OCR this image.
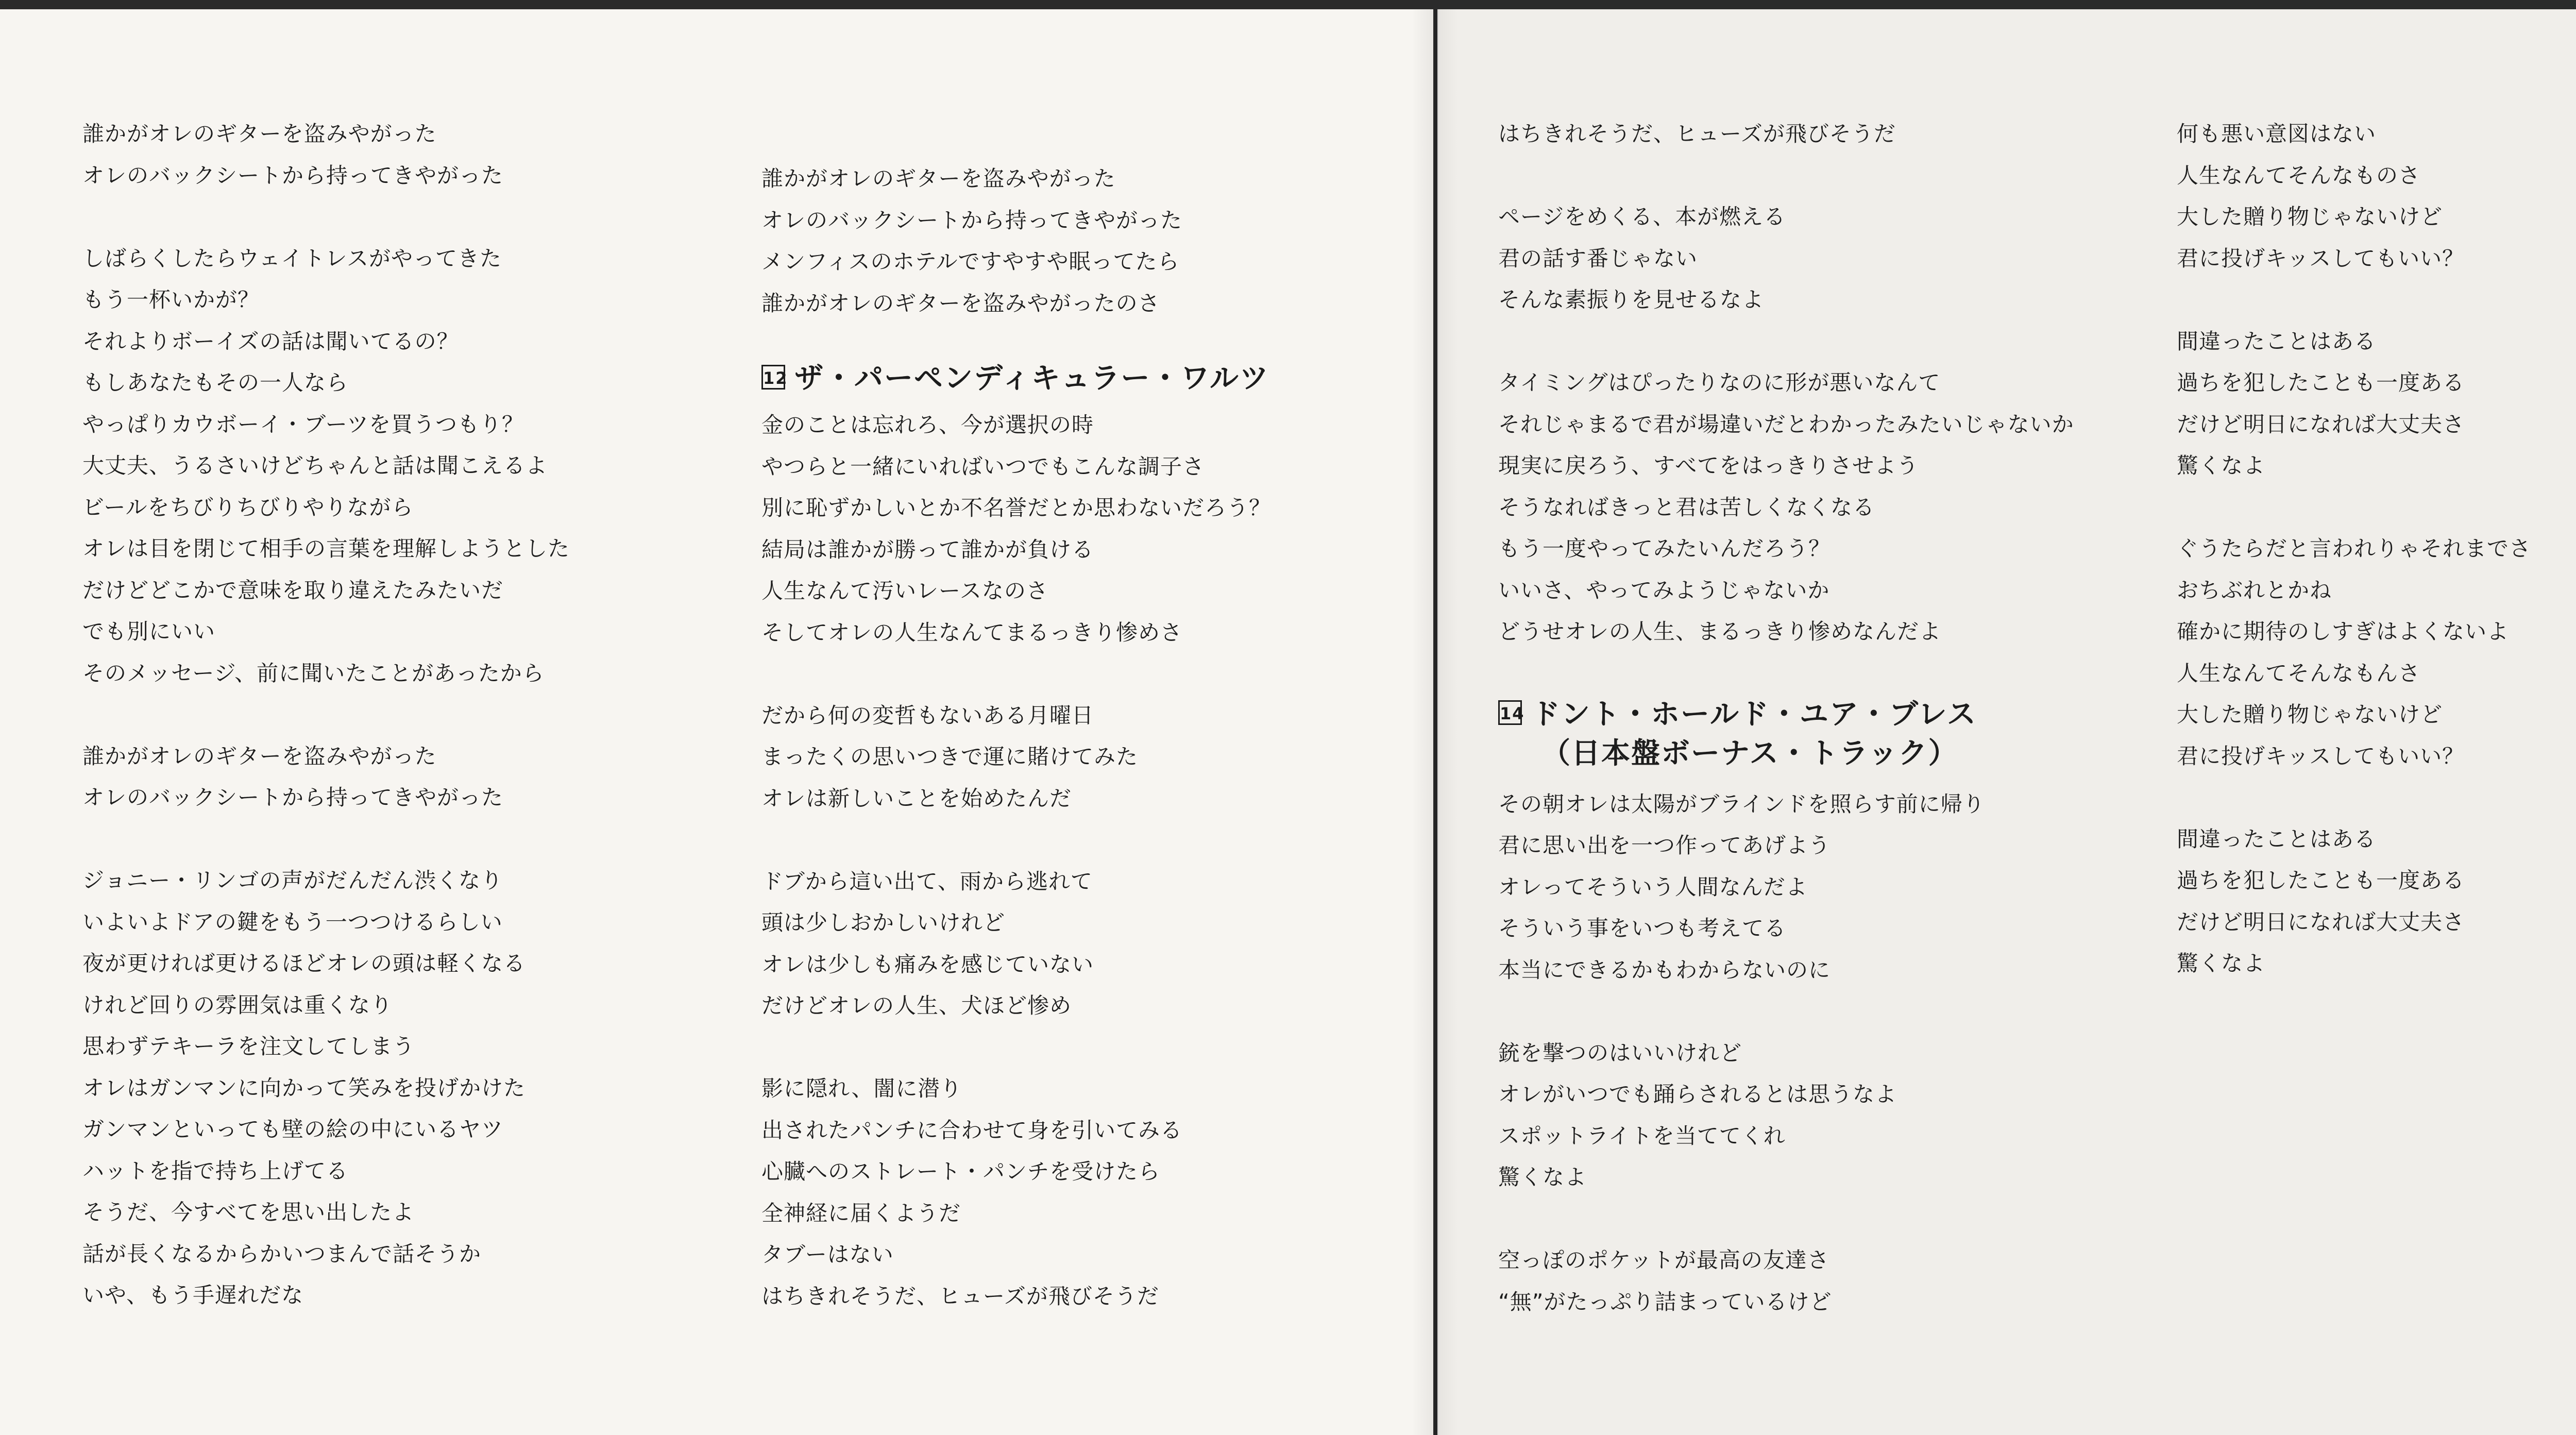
誰かがオレのギターを盗みやがった
オレのバックシートから持ってきやがった
しばらくしたらウェイトレスがやってきた
もう一杯いかが？
それよりボーイズの話は聞いてるの？
もしあなたもその一人なら
やっぱりカウボーイ・ブーツを買うつもり？
大丈夫、うるさいけどちゃんと話は聞こえるよ
ビールをちびりちびりやりながら
オレは目を閉じて相手の言葉を理解しようとした
だけどどこかで意味を取り違えたみたいだ
でも別にいい
そのメッセージ、前に聞いたことがあったから
誰かがオレのギターを盗みやがった
オレのバックシートから持ってきやがった
ジョニー・リンゴの声がだんだん渋くなり
いよいよドアの鍵をもう一つつけるらしい
夜が更ければ更けるほどオレの頭は軽くなる
けれど回りの雰囲気は重くなり
思わずテキーラを注文してしまう
オレはガンマンに向かって笑みを投げかけた
ガンマンといっても壁の絵の中にいるヤツ
ハットを指で持ち上げてる
そうだ、今すべてを思い出したよ
話が長くなるからかいつまんで話そうか
いや、もう手遅れだな
誰かがオレのギターを盗みやがった
オレのバックシートから持ってきやがった
メンフィスのホテルですやすや眠ってたら
誰かがオレのギターを盗みやがったのさ
12 ザ・パーペンディキュラー・ワルツ
金のことは忘れろ、今が選択の時
やつらと一緒にいればいつでもこんな調子さ
別に恥ずかしいとか不名誉だとか思わないだろう？
結局は誰かが勝って誰かが負ける
人生なんて汚いレースなのさ
そしてオレの人生なんてまるっきり惨めさ
だから何の変哲もないある月曜日
まったくの思いつきで運に賭けてみた
オレは新しいことを始めたんだ
ドブから這い出て、雨から逃れて
頭は少しおかしいけれど
オレは少しも痛みを感じていない
だけどオレの人生、犬ほど惨め
影に隠れ、闇に潜り
出されたパンチに合わせて身を引いてみる
心臓へのストレート・パンチを受けたら
全神経に届くようだ
タブーはない
はちきれそうだ、ヒューズが飛びそうだ
はちきれそうだ、ヒューズが飛びそうだ
ページをめくる、本が燃える
君の話す番じゃない
そんな素振りを見せるなよ
タイミングはぴったりなのに形が悪いなんて
それじゃまるで君が場違いだとわかったみたいじゃないか
現実に戻ろう、すべてをはっきりさせよう
そうなればきっと君は苦しくなくなる
もう一度やってみたいんだろう？
いいさ、やってみようじゃないか
どうせオレの人生、まるっきり惨めなんだよ
14 ドント・ホールド・ユア・ブレス
（日本盤ボーナス・トラック）
その朝オレは太陽がブラインドを照らす前に帰り
君に思い出を一つ作ってあげよう
オレってそういう人間なんだよ
そういう事をいつも考えてる
本当にできるかもわからないのに
銃を撃つのはいいけれど
オレがいつでも踊らされるとは思うなよ
スポットライトを当ててくれ
驚くなよ
空っぽのポケットが最高の友達さ
“無”がたっぷり詰まっているけど
何も悪い意図はない
人生なんてそんなものさ
大した贈り物じゃないけど
君に投げキッスしてもいい？
間違ったことはある
過ちを犯したことも一度ある
だけど明日になれば大丈夫さ
驚くなよ
ぐうたらだと言われりゃそれまでさ
おちぶれとかね
確かに期待のしすぎはよくないよ
人生なんてそんなもんさ
大した贈り物じゃないけど
君に投げキッスしてもいい？
間違ったことはある
過ちを犯したことも一度ある
だけど明日になれば大丈夫さ
驚くなよ
